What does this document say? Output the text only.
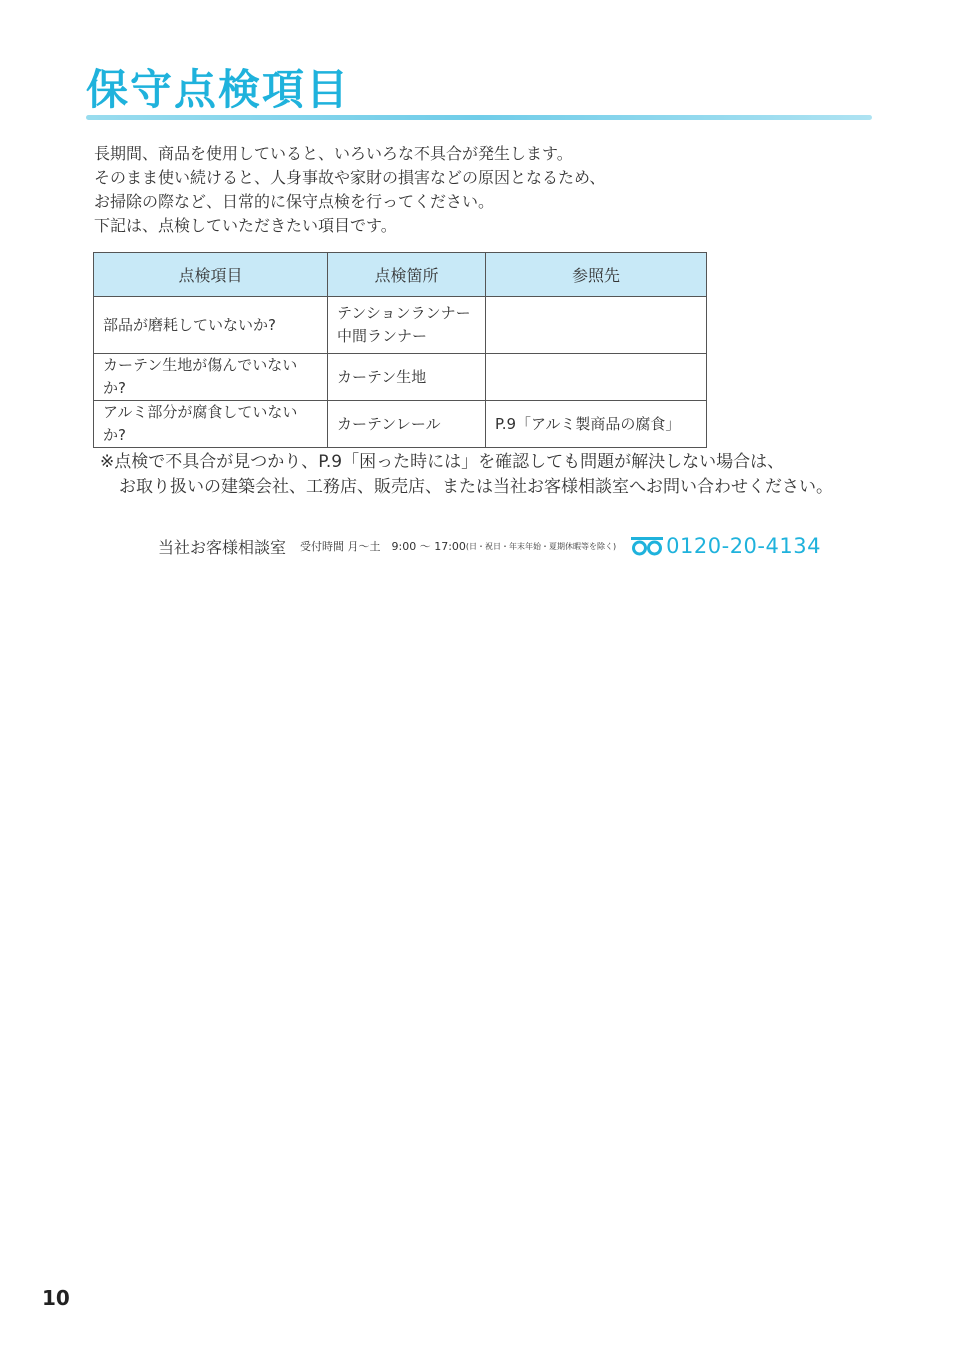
保守点検項目
長期間、商品を使用していると、いろいろな不具合が発生します。
そのまま使い続けると、人身事故や家財の損害などの原因となるため、
お掃除の際など、日常的に保守点検を行ってください。
下記は、点検していただきたい項目です。
点検項目	点検箇所	参照先
部品が磨耗していないか?	テンションランナー
中間ランナー	
カーテン生地が傷んでいないか?	カーテン生地	
アルミ部分が腐食していないか?	カーテンレール	P.9「アルミ製商品の腐食」
※点検で不具合が見つかり、P.9「困った時には」を確認しても問題が解決しない場合は、
お取り扱いの建築会社、工務店、販売店、または当社お客様相談室へお問い合わせください。
当社お客様相談室 受付時間 月〜土　9:00 〜 17:00 (日・祝日・年末年始・夏期休暇等を除く) 0120-20-4134
10
